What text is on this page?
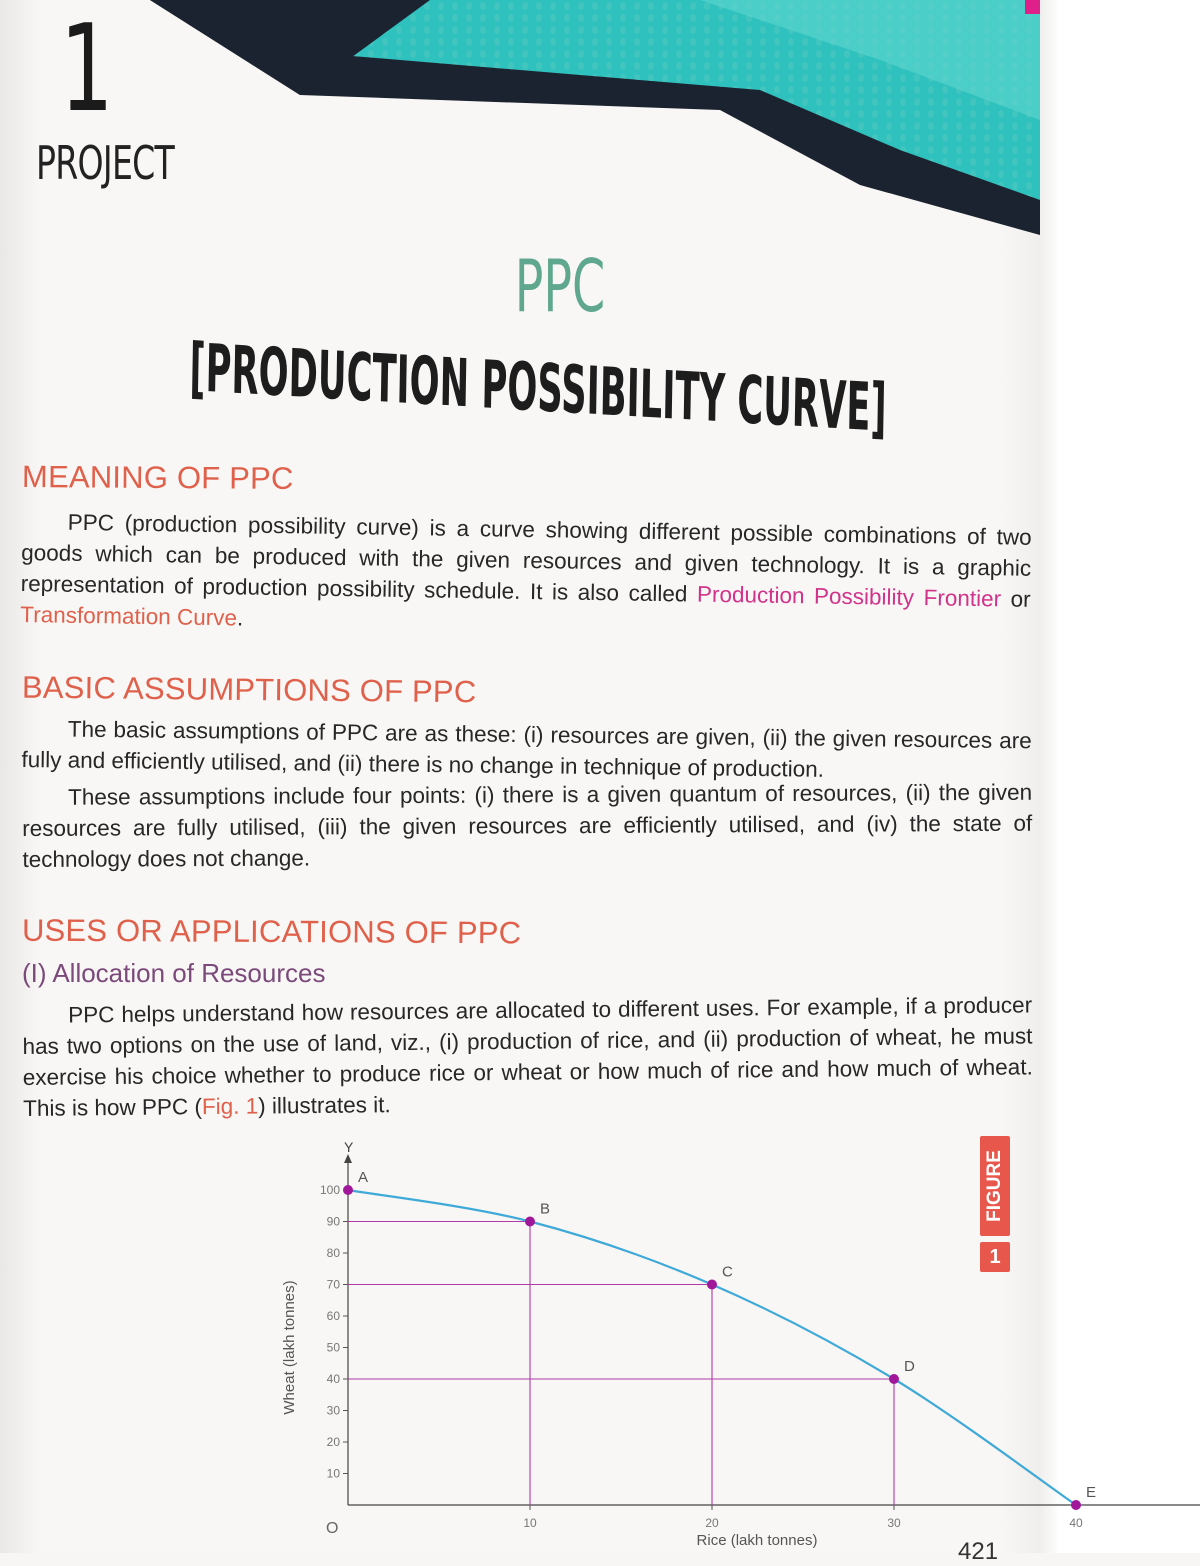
1
PROJECT
PPC
[PRODUCTION POSSIBILITY CURVE]
MEANING OF PPC

PPC (production possibility curve) is a curve showing different possible combinations of two goods which can be produced with the given resources and given technology. It is a graphic representation of production possibility schedule. It is also called Production Possibility Frontier or Transformation Curve.

BASIC ASSUMPTIONS OF PPC

The basic assumptions of PPC are as these: (i) resources are given, (ii) the given resources are fully and efficiently utilised, and (ii) there is no change in technique of production.

These assumptions include four points: (i) there is a given quantum of resources, (ii) the given resources are fully utilised, (iii) the given resources are efficiently utilised, and (iv) the state of technology does not change.

USES OR APPLICATIONS OF PPC
(I) Allocation of Resources

PPC helps understand how resources are allocated to different uses. For example, if a producer has two options on the use of land, viz., (i) production of rice, and (ii) production of wheat, he must exercise his choice whether to produce rice or wheat or how much of rice and how much of wheat. This is how PPC (Fig. 1) illustrates it.

FIGURE
1
Y
O
10
20
30
40
50
60
70
80
90
100
10	20	30	40
Wheat (lakh tonnes)
Rice (lakh tonnes)
A
B
C
D
E
421
